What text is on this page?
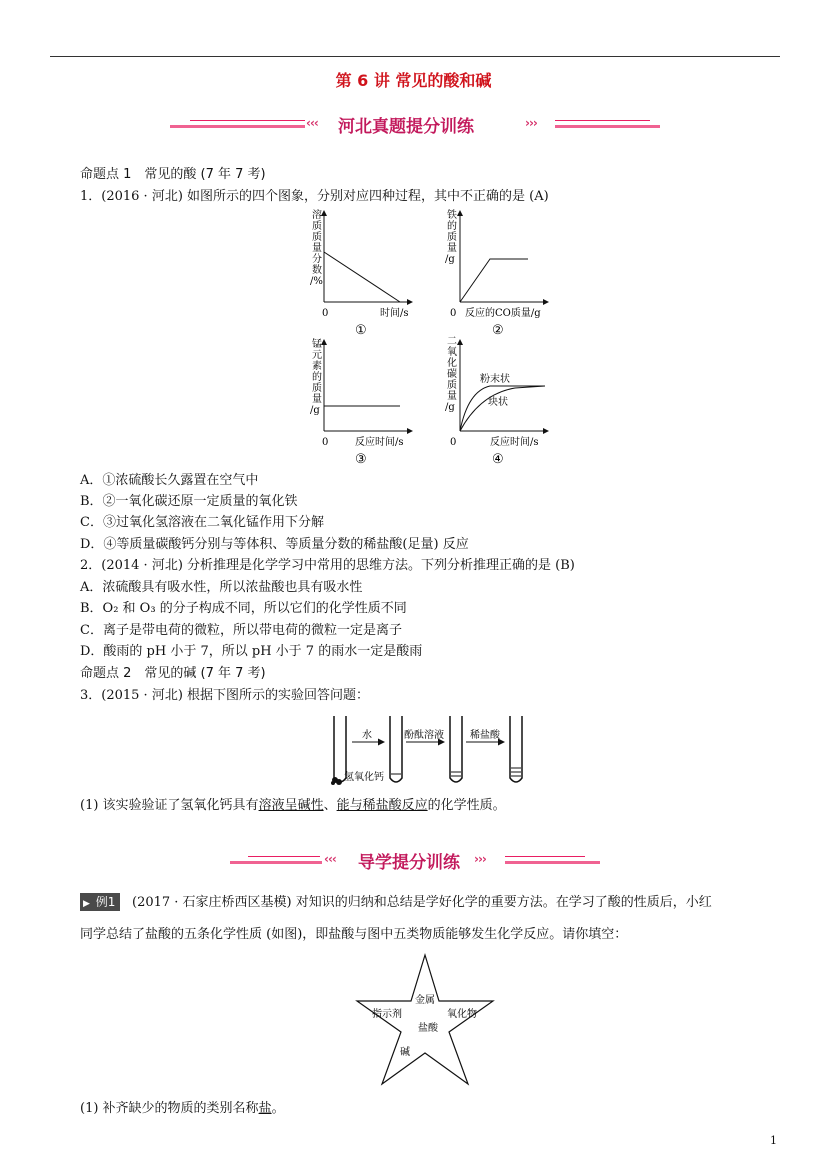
第 6 讲 常见的酸和碱
‹‹‹ 河北真题提分训练	›››
命题点 1　常见的酸 (7 年 7 考)
1．(2016 · 河北) 如图所示的四个图象，分别对应四种过程，其中不正确的是 (A)
溶质质量分数/%
0	时间/s
①
铁的质量/g
0 反应的CO质量/g
②
锰元素的质量/g
0	反应时间/s
③
二氧化碳质量/g
粉末状
块状
0	反应时间/s
④
A．①浓硫酸长久露置在空气中
B．②一氧化碳还原一定质量的氧化铁
C．③过氧化氢溶液在二氧化锰作用下分解
D．④等质量碳酸钙分别与等体积、等质量分数的稀盐酸(足量) 反应
2．(2014 · 河北) 分析推理是化学学习中常用的思维方法。下列分析推理正确的是 (B)
A．浓硫酸具有吸水性，所以浓盐酸也具有吸水性
B．O₂ 和 O₃ 的分子构成不同，所以它们的化学性质不同
C．离子是带电荷的微粒，所以带电荷的微粒一定是离子
D．酸雨的 pH 小于 7，所以 pH 小于 7 的雨水一定是酸雨
命题点 2　常见的碱 (7 年 7 考)
3．(2015 · 河北) 根据下图所示的实验回答问题：
氢氧化钙
水	酚酞溶液	稀盐酸
(1) 该实验验证了氢氧化钙具有溶液呈碱性、能与稀盐酸反应的化学性质。
‹‹‹ 导学提分训练 ›››
▶ 例1	(2017 · 石家庄桥西区基模) 对知识的归纳和总结是学好化学的重要方法。在学习了酸的性质后，小红
同学总结了盐酸的五条化学性质 (如图)，即盐酸与图中五类物质能够发生化学反应。请你填空：
金属
指示剂	氧化物
盐酸
碱
(1) 补齐缺少的物质的类别名称盐。
1
